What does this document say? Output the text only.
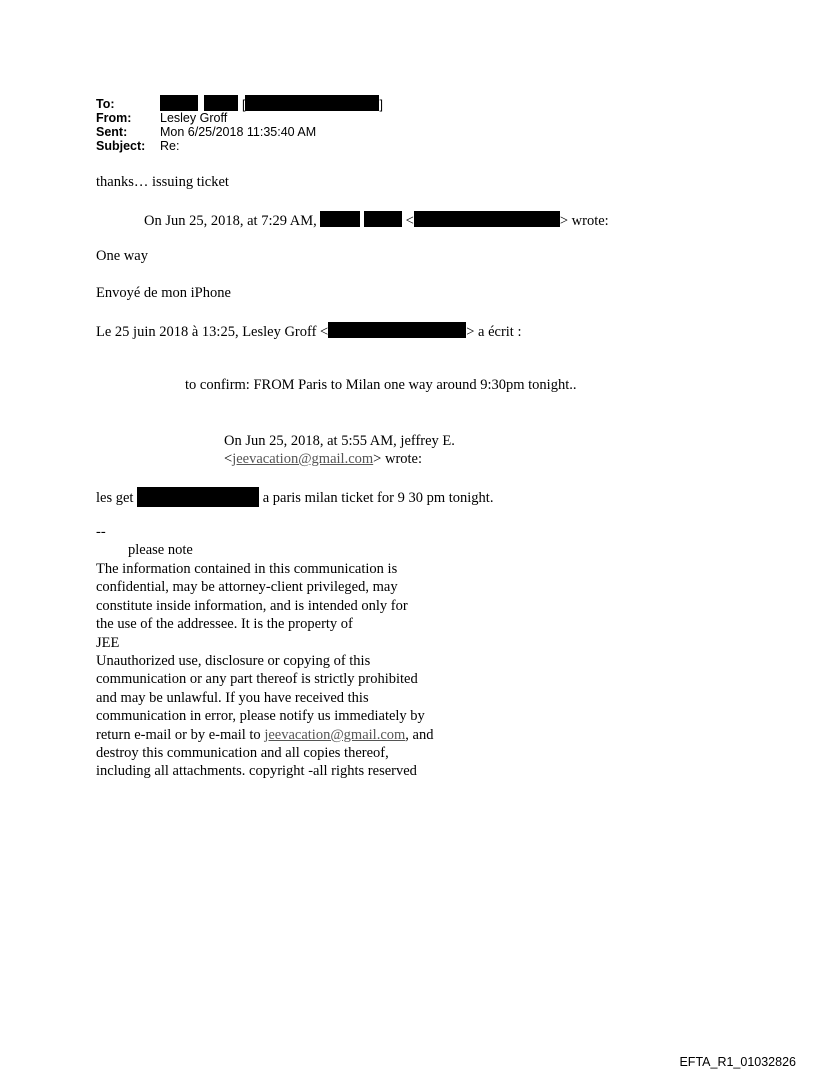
To:	[	]
From: Lesley Groff
Sent:	Mon 6/25/2018 11:35:40 AM
Subject: Re:
thanks… issuing ticket
On Jun 25, 2018, at 7:29 AM,	<	> wrote:
One way
Envoyé de mon iPhone
Le 25 juin 2018 à 13:25, Lesley Groff <	> a écrit :
to confirm: FROM Paris to Milan one way around 9:30pm tonight..
On Jun 25, 2018, at 5:55 AM, jeffrey E.
<jeevacation@gmail.com> wrote:
les get	a paris milan ticket for 9 30 pm tonight.
--
please note
The information contained in this communication is
confidential, may be attorney-client privileged, may
constitute inside information, and is intended only for
the use of the addressee. It is the property of
JEE
Unauthorized use, disclosure or copying of this
communication or any part thereof is strictly prohibited
and may be unlawful. If you have received this
communication in error, please notify us immediately by
return e-mail or by e-mail to jeevacation@gmail.com, and
destroy this communication and all copies thereof,
including all attachments. copyright -all rights reserved
EFTA_R1_01032826
